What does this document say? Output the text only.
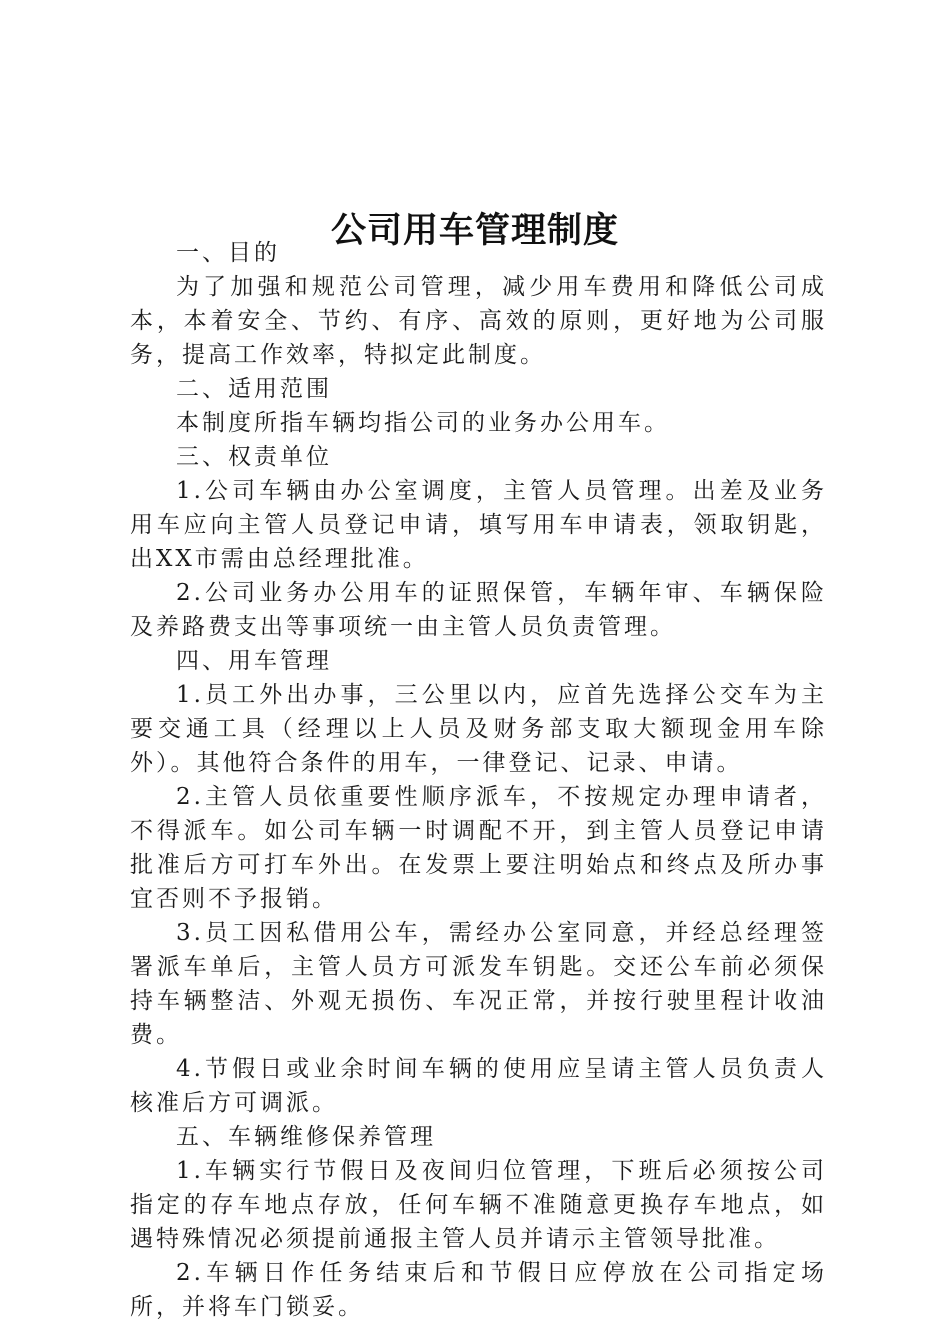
公司用车管理制度

一、目的

为了加强和规范公司管理，减少用车费用和降低公司成本，本着安全、节约、有序、高效的原则，更好地为公司服务，提高工作效率，特拟定此制度。

二、适用范围

本制度所指车辆均指公司的业务办公用车。

三、权责单位

1.公司车辆由办公室调度，主管人员管理。出差及业务用车应向主管人员登记申请，填写用车申请表，领取钥匙，出XX市需由总经理批准。

2.公司业务办公用车的证照保管，车辆年审、车辆保险及养路费支出等事项统一由主管人员负责管理。

四、用车管理

1.员工外出办事，三公里以内，应首先选择公交车为主要交通工具（经理以上人员及财务部支取大额现金用车除外）。其他符合条件的用车，一律登记、记录、申请。

2.主管人员依重要性顺序派车，不按规定办理申请者，不得派车。如公司车辆一时调配不开，到主管人员登记申请批准后方可打车外出。在发票上要注明始点和终点及所办事宜否则不予报销。

3.员工因私借用公车，需经办公室同意，并经总经理签署派车单后，主管人员方可派发车钥匙。交还公车前必须保持车辆整洁、外观无损伤、车况正常，并按行驶里程计收油费。

4.节假日或业余时间车辆的使用应呈请主管人员负责人核准后方可调派。

五、车辆维修保养管理

1.车辆实行节假日及夜间归位管理，下班后必须按公司指定的存车地点存放，任何车辆不准随意更换存车地点，如遇特殊情况必须提前通报主管人员并请示主管领导批准。

2.车辆日作任务结束后和节假日应停放在公司指定场所，并将车门锁妥。
